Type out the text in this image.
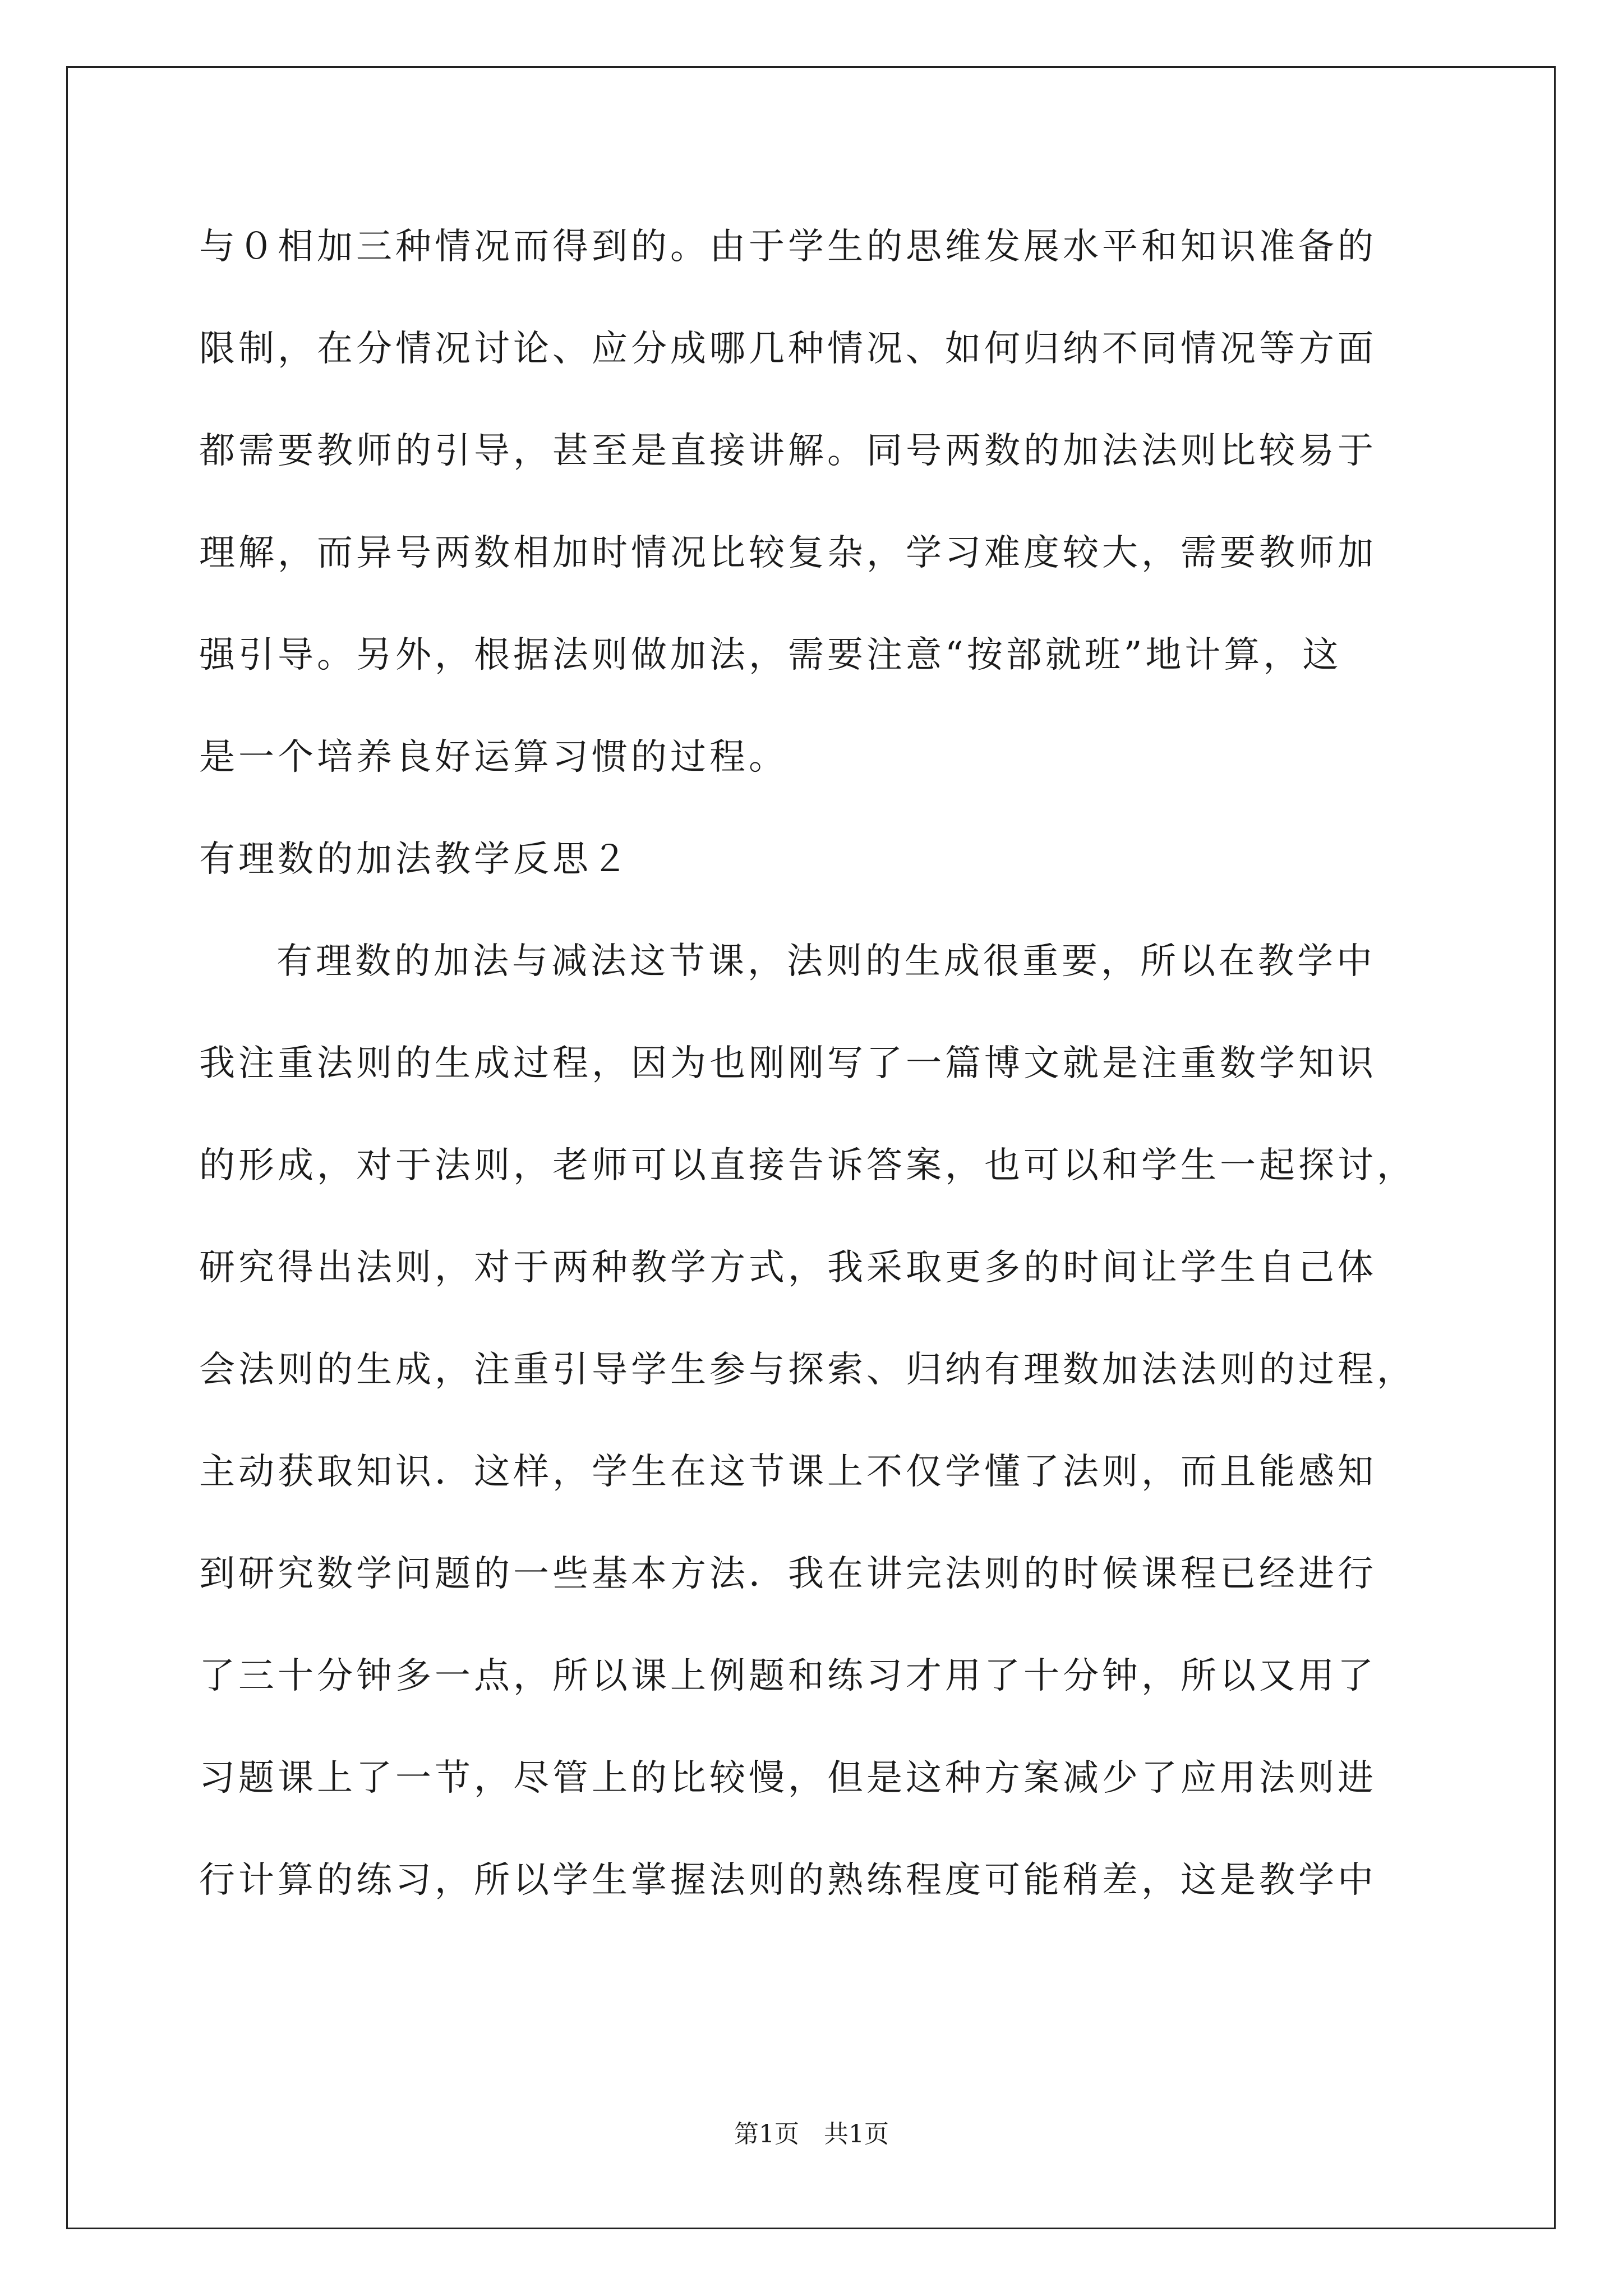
与０相加三种情况而得到的。由于学生的思维发展水平和知识准备的
限制，在分情况讨论、应分成哪几种情况、如何归纳不同情况等方面
都需要教师的引导，甚至是直接讲解。同号两数的加法法则比较易于
理解，而异号两数相加时情况比较复杂，学习难度较大，需要教师加
强引导。另外，根据法则做加法，需要注意“按部就班”地计算，这
是一个培养良好运算习惯的过程。
有理数的加法教学反思２
有理数的加法与减法这节课，法则的生成很重要，所以在教学中
我注重法则的生成过程，因为也刚刚写了一篇博文就是注重数学知识
的形成，对于法则，老师可以直接告诉答案，也可以和学生一起探讨，
研究得出法则，对于两种教学方式，我采取更多的时间让学生自己体
会法则的生成，注重引导学生参与探索、归纳有理数加法法则的过程，
主动获取知识．这样，学生在这节课上不仅学懂了法则，而且能感知
到研究数学问题的一些基本方法．我在讲完法则的时候课程已经进行
了三十分钟多一点，所以课上例题和练习才用了十分钟，所以又用了
习题课上了一节，尽管上的比较慢，但是这种方案减少了应用法则进
行计算的练习，所以学生掌握法则的熟练程度可能稍差，这是教学中
第1页 共1页
